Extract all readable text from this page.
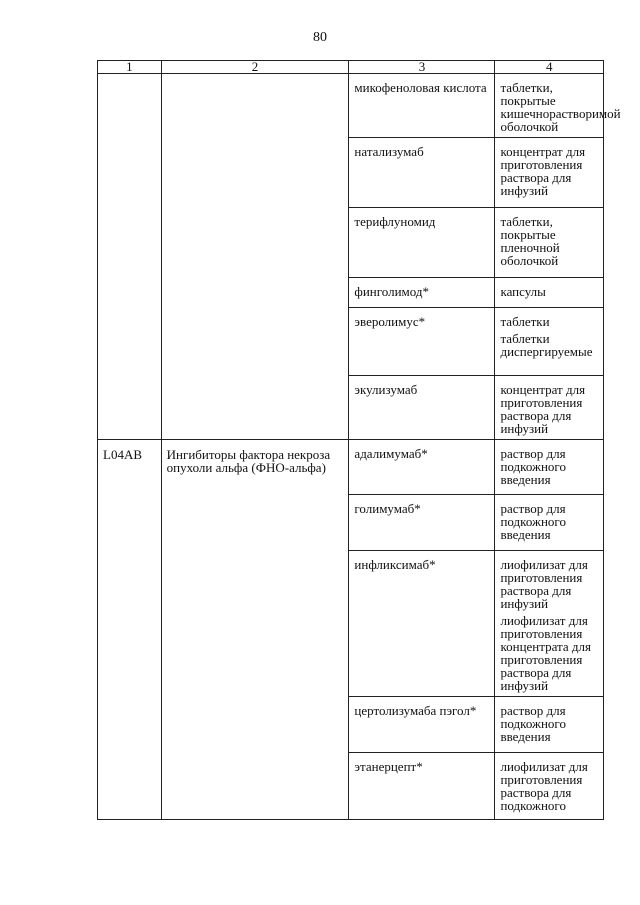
80
1	2	3	4
		микофеноловая кислота	таблетки, покрытые кишечнорастворимой оболочкой

		натализумаб	концентрат для приготовления раствора для инфузий

		терифлуномид	таблетки, покрытые пленочной оболочкой

		финголимод*	капсулы

		эверолимус*	таблетки
таблетки диспергируемые

		экулизумаб	концентрат для приготовления раствора для инфузий

L04AB	Ингибиторы фактора некроза опухоли альфа (ФНО-альфа)	адалимумаб*	раствор для подкожного введения

		голимумаб*	раствор для подкожного введения

		инфликсимаб*	лиофилизат для приготовления раствора для инфузий
лиофилизат для приготовления концентрата для приготовления раствора для инфузий

		цертолизумаба пэгол*	раствор для подкожного введения

		этанерцепт*	лиофилизат для приготовления раствора для подкожного
